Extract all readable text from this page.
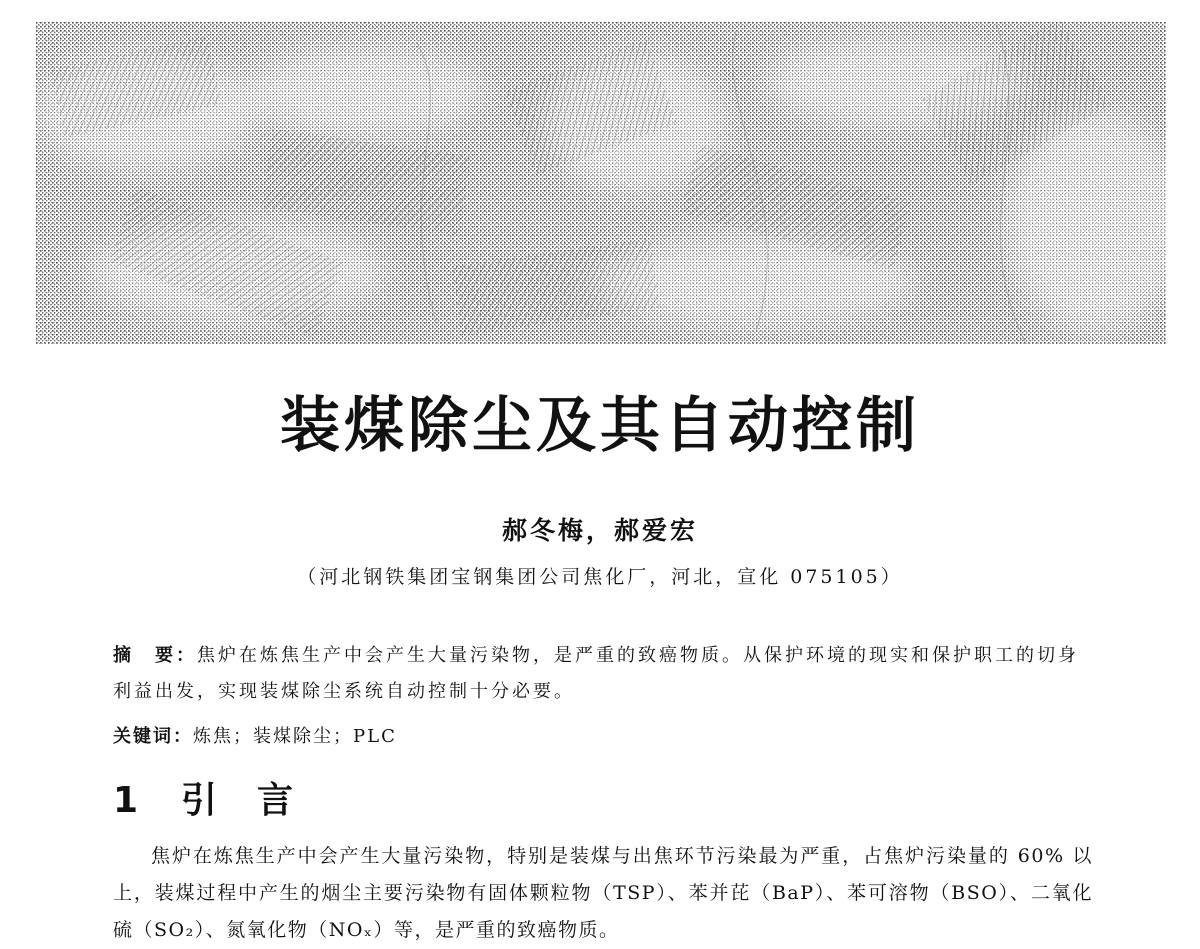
装煤除尘及其自动控制
郝冬梅，郝爱宏
（河北钢铁集团宝钢集团公司焦化厂，河北，宣化 075105）
摘　要：焦炉在炼焦生产中会产生大量污染物，是严重的致癌物质。从保护环境的现实和保护职工的切身利益出发，实现装煤除尘系统自动控制十分必要。
关键词：炼焦；装煤除尘；PLC
1 引言

焦炉在炼焦生产中会产生大量污染物，特别是装煤与出焦环节污染最为严重，占焦炉污染量的 60% 以上，装煤过程中产生的烟尘主要污染物有固体颗粒物（TSP）、苯并芘（BaP）、苯可溶物（BSO）、二氧化硫（SO₂）、氮氧化物（NOₓ）等，是严重的致癌物质。
